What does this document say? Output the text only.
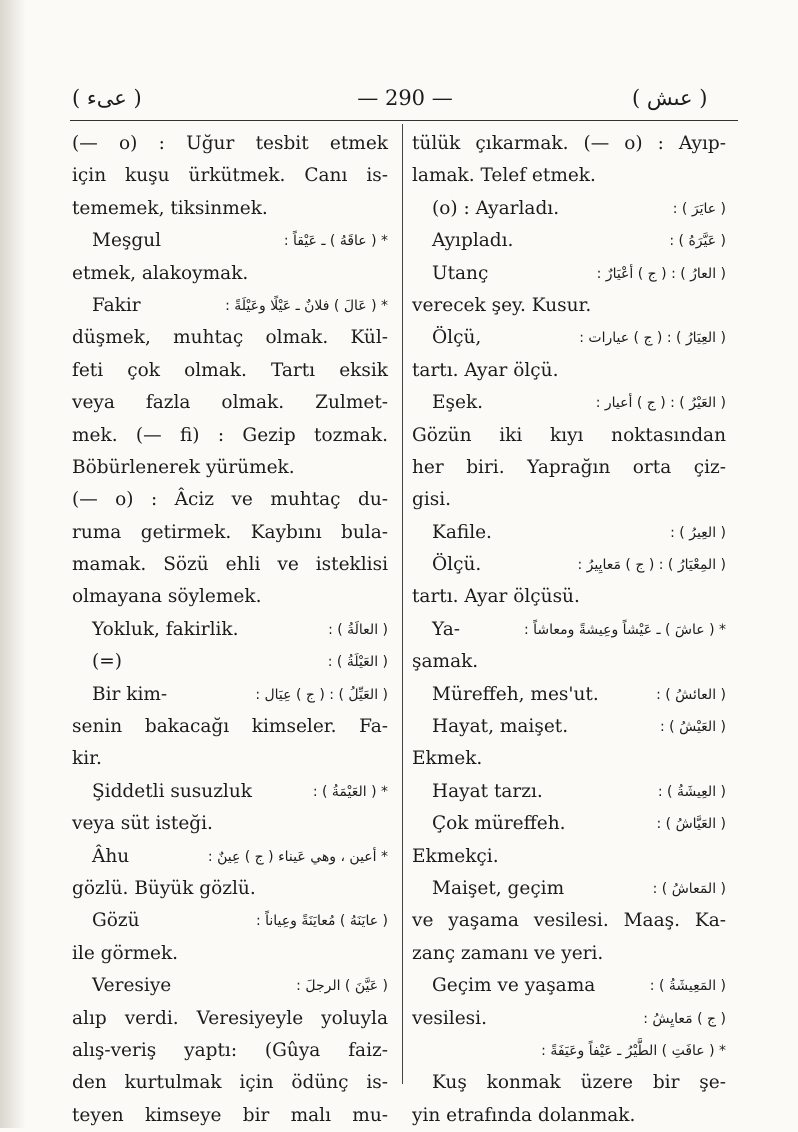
( عىء )	— 290 —	( عىش )
(— o) : Uğur tesbit etmek
için kuşu ürkütmek. Canı is-
tememek, tiksinmek.
Meşgul	* ( عاقَهُ ) ـ عَيْقاً :
etmek, alakoymak.
Fakir	* ( عَالَ ) فلانٌ ـ عَيْلًا وعَيْلَةً :
düşmek, muhtaç olmak. Kül-
feti çok olmak. Tartı eksik
veya fazla olmak. Zulmet-
mek. (— fi) : Gezip tozmak.
Böbürlenerek yürümek.
(— o) : Âciz ve muhtaç du-
ruma getirmek. Kaybını bula-
mamak. Sözü ehli ve isteklisi
olmayana söylemek.
Yokluk, fakirlik.	( العالَةُ ) :
(=)	( العَيْلَةُ ) :
Bir kim-	( العَيِّلُ ) : ( ج ) عِيَال :
senin bakacağı kimseler. Fa-
kir.
Şiddetli susuzluk	* ( العَيْمَةُ ) :
veya süt isteği.
Âhu	* أعين ، وهي عَيناء ( ج ) عِينٌ :
gözlü. Büyük gözlü.
Gözü	( عايَنَهُ ) مُعايَنَةً وعِياناً :
ile görmek.
Veresiye	( عَيَّنَ ) الرجلَ :
alıp verdi. Veresiyeyle yoluyla
alış-veriş yaptı: (Gûya faiz-
den kurtulmak için ödünç is-
teyen kimseye bir malı mu-
tülük çıkarmak. (— o) : Ayıp-
lamak. Telef etmek.
(o) : Ayarladı.	( عايَرَ ) :
Ayıpladı.	( عَيَّرَهُ ) :
Utanç	( العارُ ) : ( ج ) أعْيَارٌ :
verecek şey. Kusur.
Ölçü,	( العِيَارُ ) : ( ج ) عيارات :
tartı. Ayar ölçü.
Eşek.	( العَيْرُ ) : ( ج ) أعيار :
Gözün iki kıyı noktasından
her biri. Yaprağın orta çiz-
gisi.
Kafile.	( العِيرُ ) :
Ölçü.	( المِعْيَارُ ) : ( ج ) مَعايِيرُ :
tartı. Ayar ölçüsü.
Ya-	* ( عاشَ ) ـ عَيْشاً وعِيشةً ومعاشاً :
şamak.
Müreffeh, mes'ut.	( العائشُ ) :
Hayat, maişet.	( العَيْشُ ) :
Ekmek.
Hayat tarzı.	( العِيشَةُ ) :
Çok müreffeh.	( العَيَّاشُ ) :
Ekmekçi.
Maişet, geçim	( المَعاشُ ) :
ve yaşama vesilesi. Maaş. Ka-
zanç zamanı ve yeri.
Geçim ve yaşama	( المَعِيشَةُ ) :
vesilesi.	( ج ) مَعايِشُ :
* ( عافَتِ ) الطَّيْرُ ـ عَيْفاً وعَيَفَةً :
Kuş konmak üzere bir şe-
yin etrafında dolanmak.
